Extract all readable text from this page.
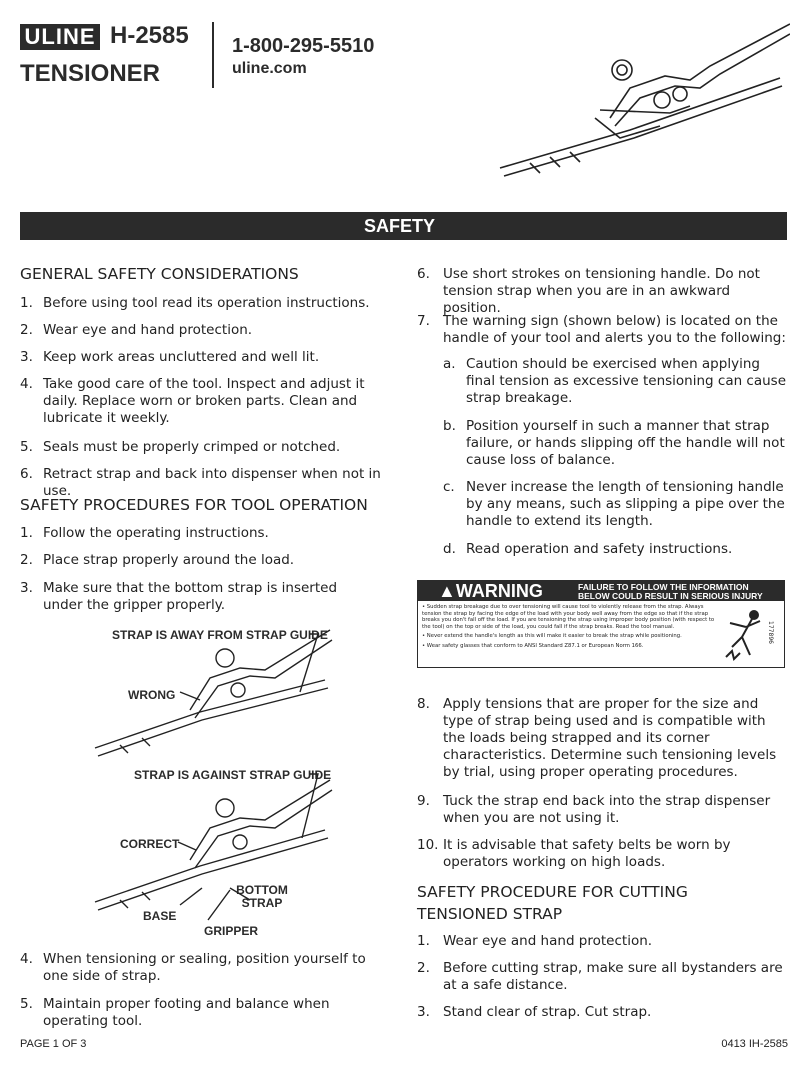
ULINE H-2585
TENSIONER
1-800-295-5510
uline.com
SAFETY
GENERAL SAFETY CONSIDERATIONS
1. Before using tool read its operation instructions.
2. Wear eye and hand protection.
3. Keep work areas uncluttered and well lit.
4. Take good care of the tool. Inspect and adjust it daily. Replace worn or broken parts. Clean and lubricate it weekly.
5. Seals must be properly crimped or notched.
6. Retract strap and back into dispenser when not in use.
SAFETY PROCEDURES FOR TOOL OPERATION
1. Follow the operating instructions.
2. Place strap properly around the load.
3. Make sure that the bottom strap is inserted under the gripper properly.
STRAP IS AWAY FROM STRAP GUIDE
WRONG
STRAP IS AGAINST STRAP GUIDE
CORRECT
BOTTOM STRAP
BASE
GRIPPER
4. When tensioning or sealing, position yourself to one side of strap.
5. Maintain proper footing and balance when operating tool.
6. Use short strokes on tensioning handle. Do not tension strap when you are in an awkward position.
7. The warning sign (shown below) is located on the handle of your tool and alerts you to the following:
a. Caution should be exercised when applying final tension as excessive tensioning can cause strap breakage.
b. Position yourself in such a manner that strap failure, or hands slipping off the handle will not cause loss of balance.
c. Never increase the length of tensioning handle by any means, such as slipping a pipe over the handle to extend its length.
d. Read operation and safety instructions.
▲WARNING	FAILURE TO FOLLOW THE INFORMATION BELOW COULD RESULT IN SERIOUS INJURY

• Sudden strap breakage due to over tensioning will cause tool to violently release from the strap. Always tension the strap by facing the edge of the load with your body well away from the edge so that if the strap breaks you don't fall off the load. If you are tensioning the strap using improper body position (with respect to the tool) on the top or side of the load, you could fall if the strap breaks. Read the tool manual.

• Never extend the handle's length as this will make it easier to break the strap while positioning.

• Wear safety glasses that conform to ANSI Standard Z87.1 or European Norm 166.

177896
8. Apply tensions that are proper for the size and type of strap being used and is compatible with the loads being strapped and its corner characteristics. Determine such tensioning levels by trial, using proper operating procedures.
9. Tuck the strap end back into the strap dispenser when you are not using it.
10. It is advisable that safety belts be worn by operators working on high loads.
SAFETY PROCEDURE FOR CUTTING
TENSIONED STRAP
1. Wear eye and hand protection.
2. Before cutting strap, make sure all bystanders are at a safe distance.
3. Stand clear of strap. Cut strap.
PAGE 1 OF 3	0413 IH-2585
